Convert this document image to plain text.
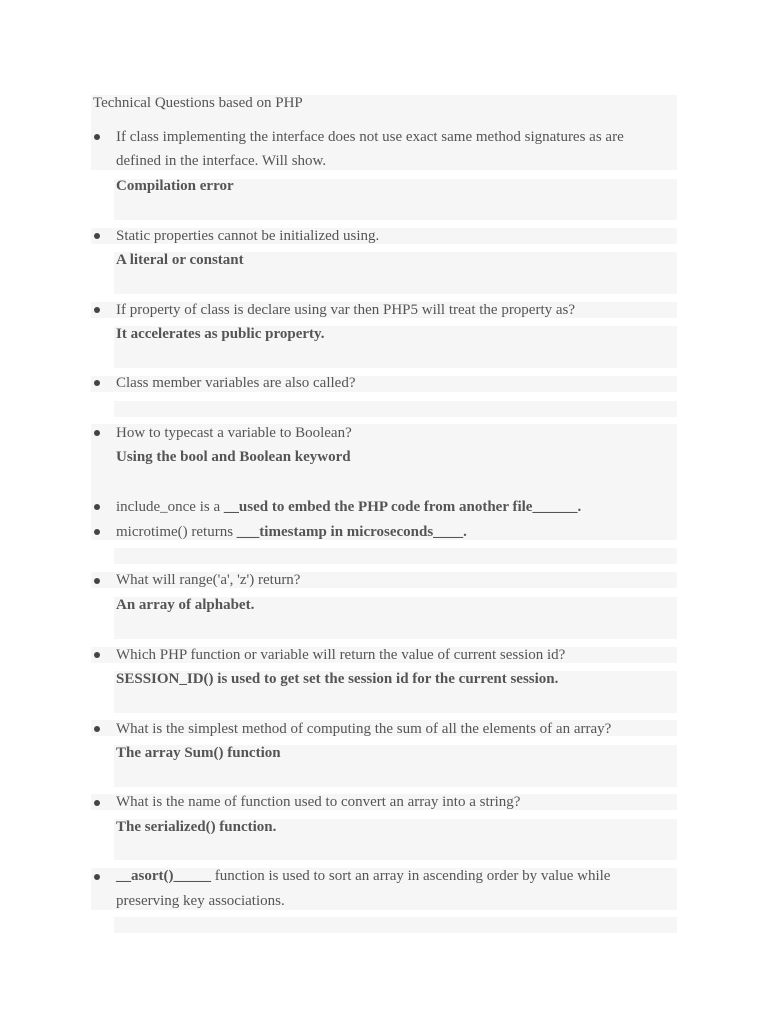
Technical Questions based on PHP
If class implementing the interface does not use exact same method signatures as are
defined in the interface. Will show.
Compilation error
Static properties cannot be initialized using.
A literal or constant
If property of class is declare using var then PHP5 will treat the property as?
It accelerates as public property.
Class member variables are also called?
How to typecast a variable to Boolean?
Using the bool and Boolean keyword
include_once is a __used to embed the PHP code from another file______.
microtime() returns ___timestamp in microseconds____.
What will range('a', 'z') return?
An array of alphabet.
Which PHP function or variable will return the value of current session id?
SESSION_ID() is used to get set the session id for the current session.
What is the simplest method of computing the sum of all the elements of an array?
The array Sum() function
What is the name of function used to convert an array into a string?
The serialized() function.
__asort()_____ function is used to sort an array in ascending order by value while
preserving key associations.
